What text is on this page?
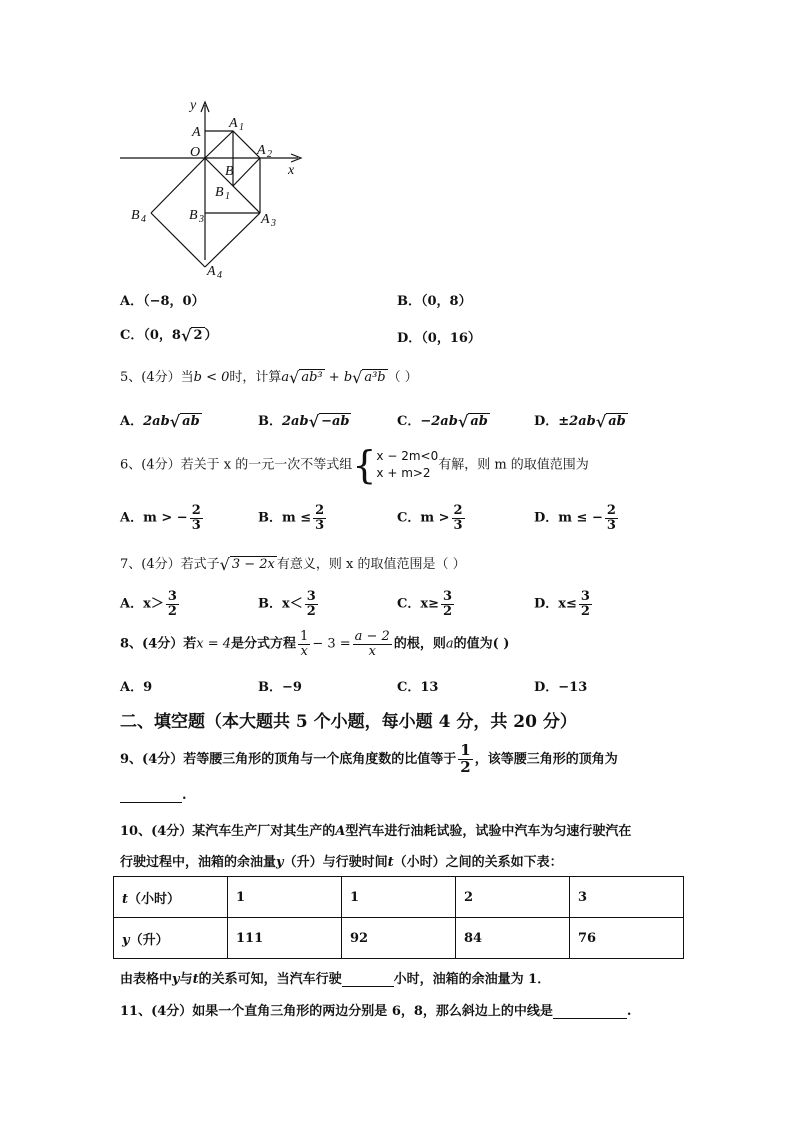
y
x
A
A 1
O	A 2
B
B 1
B 3	A 3
B 4
A 4
A．（−8，0）	B．（0，8）
C．（0，8 √ 2 ）	D．（0，16）
5、(4分）当b < 0时，计算a √ ab³ + b √ a³b （ ）
A．2ab √ ab	B．2ab √ −ab	C．−2ab √ ab	D．±2ab √ ab
6、(4分）若关于 x 的一元一次不等式组{ x − 2m<0
x + m>2
有解，则 m 的取值范围为
A．m > − $\frac{2}{3}$	B．$m \le \frac{2}{3}$	C．$m > \frac{2}{3}$	D．m ≤ − $\frac{2}{3}$
7、(4分）若式子 √ 3 − 2x 有意义，则 x 的取值范围是（ ）
A．$x> \frac{3}{2}$	B．$x< \frac{3}{2}$	C．$x\ge \frac{3}{2}$	D．$x\le \frac{3}{2}$
8、(4分）若x = 4是分式方程 $\frac{1}{x} - 3 = \frac{a - 2}{x}$ 的根，则a的值为( )
A．9	B．−9	C．13	D．−13
二、填空题（本大题共 5 个小题，每小题 4 分，共 20 分）
9、(4分）若等腰三角形的顶角与一个底角度数的比值等于 $\frac{1}{2}$ ，该等腰三角形的顶角为
.
10、(4分）某汽车生产厂对其生产的A型汽车进行油耗试验，试验中汽车为匀速行驶汽在
行驶过程中，油箱的余油量y（升）与行驶时间t（小时）之间的关系如下表：
t（小时）	1	1	2	3
y（升）	111	92	84	76
由表格中y与t的关系可知，当汽车行驶	小时，油箱的余油量为 1．
11、(4分）如果一个直角三角形的两边分别是 6，8，那么斜边上的中线是	.
